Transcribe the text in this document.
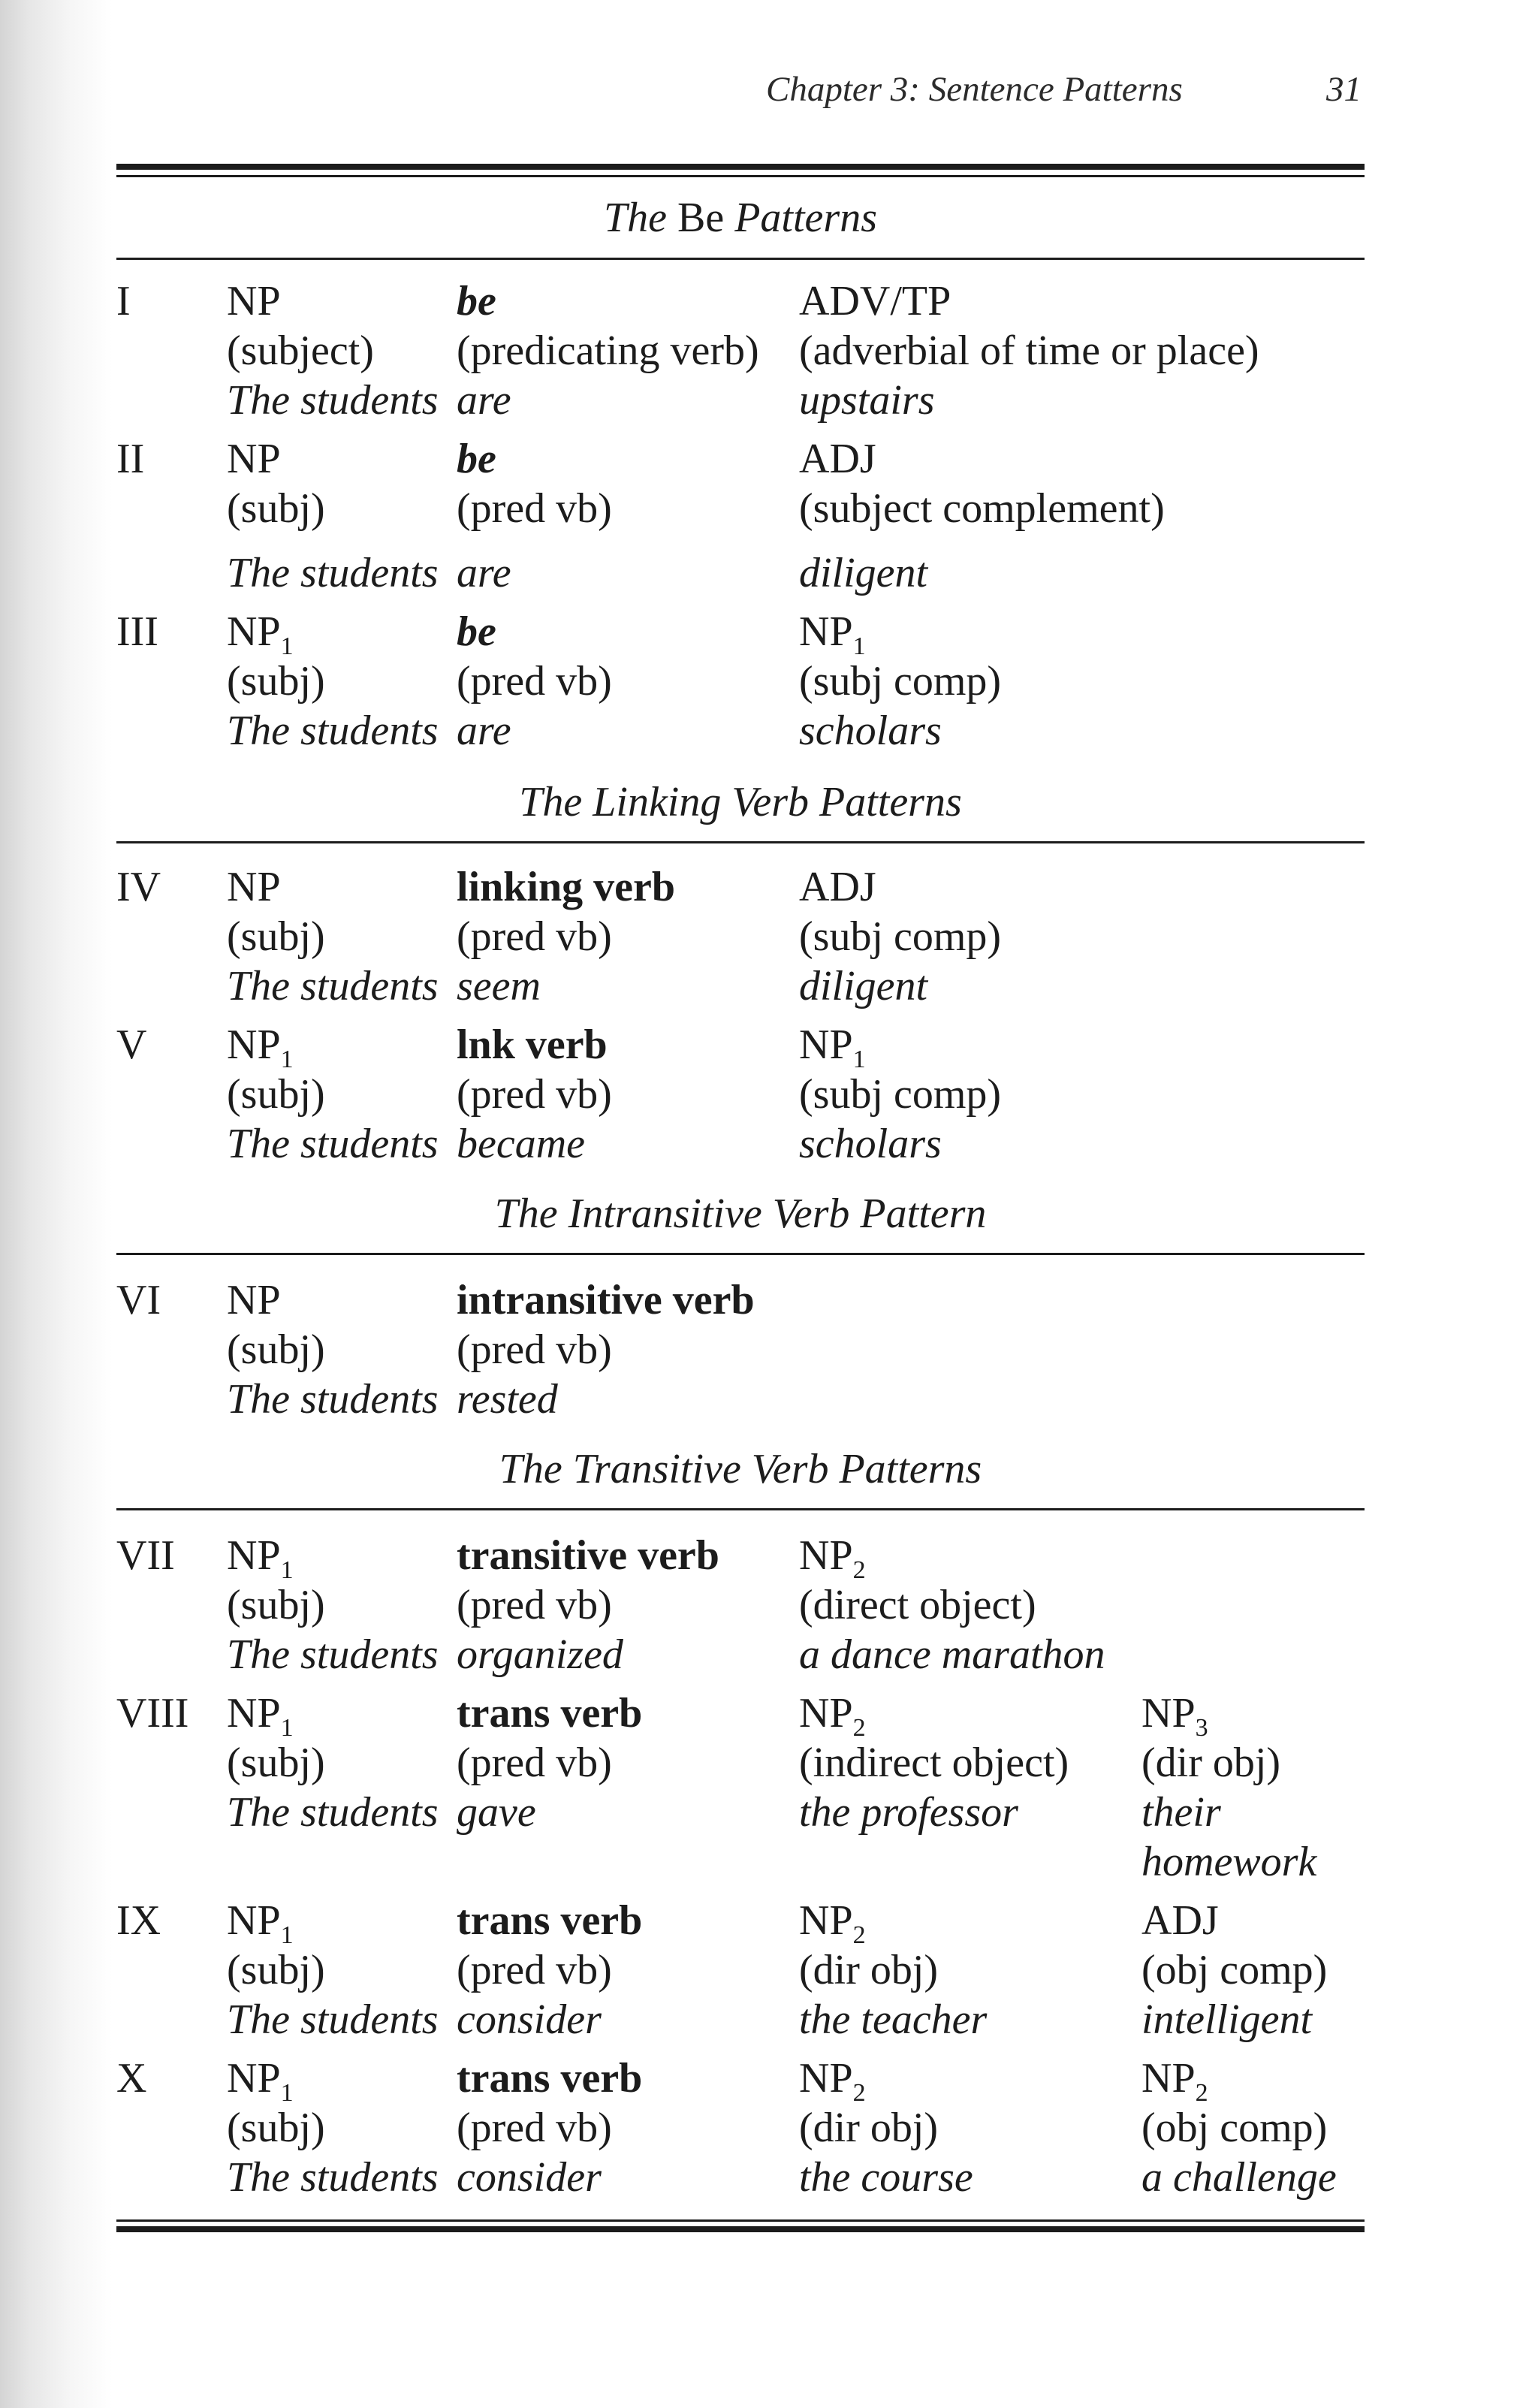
Chapter 3: Sentence Patterns	31
The Be Patterns
I NP
(subject)
The students
be
(predicating verb)
are
ADV/TP
(adverbial of time or place)
upstairs
II NP
(subj)
The students
be
(pred vb)
are
ADJ
(subject complement)
diligent
III $NP_1$
(subj)
The students
be
(pred vb)
are
$NP_1$
(subj comp)
scholars
The Linking Verb Patterns
IV NP
(subj)
The students
linking verb
(pred vb)
seem
ADJ
(subj comp)
diligent
V $NP_1$
(subj)
The students
lnk verb
(pred vb)
became
$NP_1$
(subj comp)
scholars
The Intransitive Verb Pattern
VI NP
(subj)
The students
intransitive verb
(pred vb)
rested
The Transitive Verb Patterns
VII $NP_1$
(subj)
The students
transitive verb
(pred vb)
organized
$NP_2$
(direct object)
a dance marathon
VIII $NP_1$
(subj)
The students
trans verb
(pred vb)
gave
$NP_2$
(indirect object)
the professor
$NP_3$
(dir obj)
their
homework
IX $NP_1$
(subj)
The students
trans verb
(pred vb)
consider
$NP_2$
(dir obj)
the teacher
ADJ
(obj comp)
intelligent
X $NP_1$
(subj)
The students
trans verb
(pred vb)
consider
$NP_2$
(dir obj)
the course
$NP_2$
(obj comp)
a challenge
